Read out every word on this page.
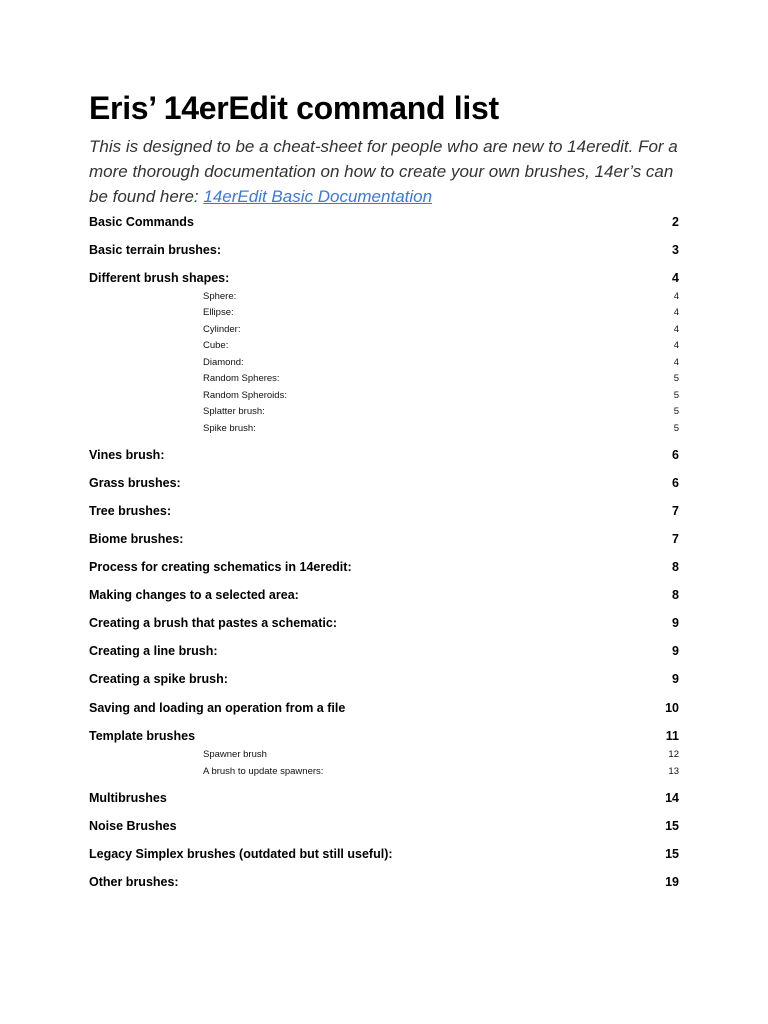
Eris’ 14erEdit command list
This is designed to be a cheat-sheet for people who are new to 14eredit. For a more thorough documentation on how to create your own brushes, 14er’s can be found here: 14erEdit Basic Documentation
Basic Commands	2
Basic terrain brushes:	3
Different brush shapes:	4
Sphere:	4
Ellipse:	4
Cylinder:	4
Cube:	4
Diamond:	4
Random Spheres:	5
Random Spheroids:	5
Splatter brush:	5
Spike brush:	5
Vines brush:	6
Grass brushes:	6
Tree brushes:	7
Biome brushes:	7
Process for creating schematics in 14eredit:	8
Making changes to a selected area:	8
Creating a brush that pastes a schematic:	9
Creating a line brush:	9
Creating a spike brush:	9
Saving and loading an operation from a file	10
Template brushes	11
Spawner brush	12
A brush to update spawners:	13
Multibrushes	14
Noise Brushes	15
Legacy Simplex brushes (outdated but still useful):	15
Other brushes:	19
